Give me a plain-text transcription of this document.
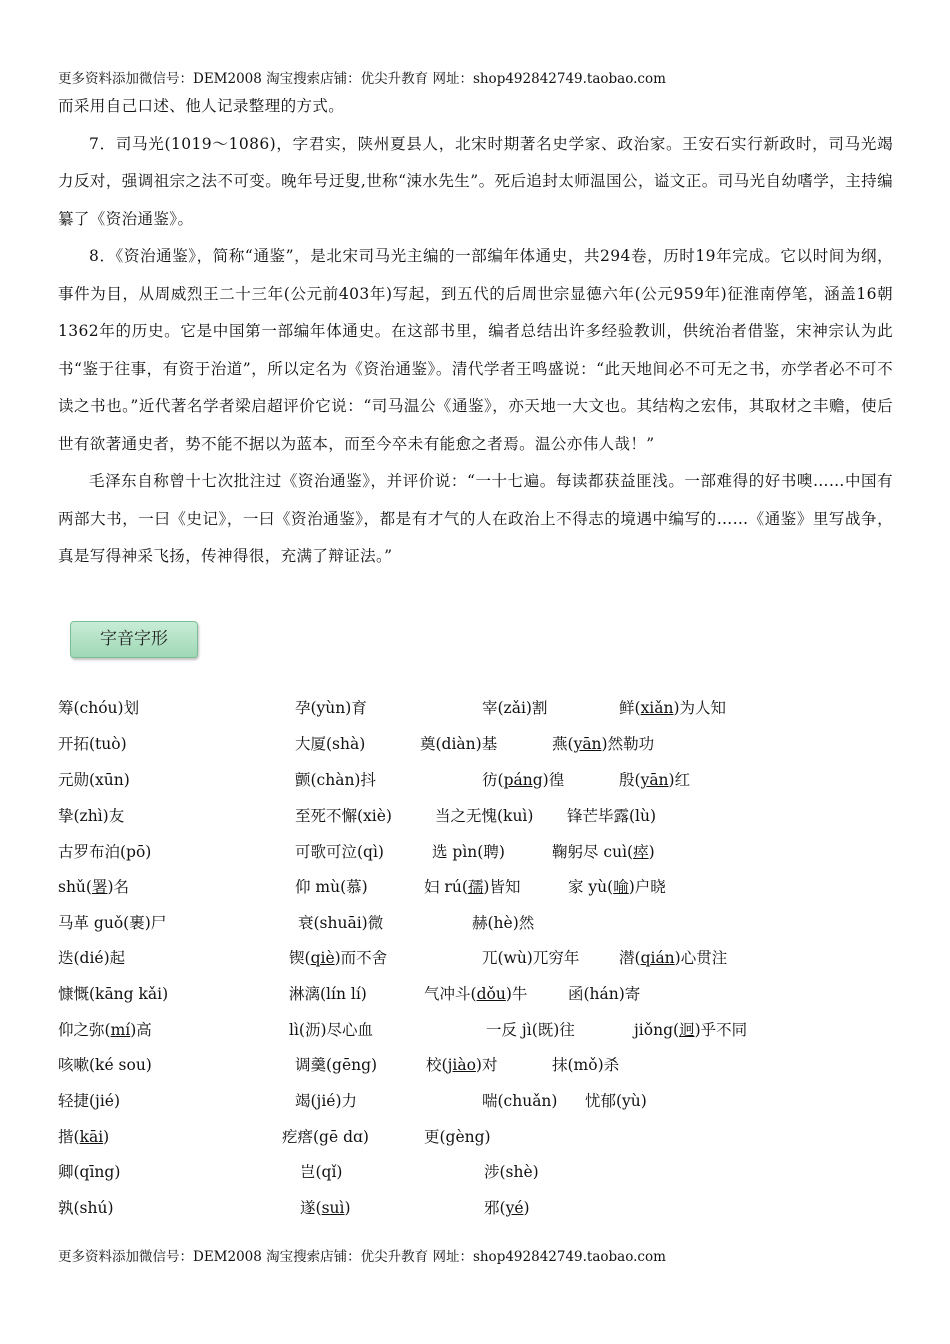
更多资料添加微信号：DEM2008 淘宝搜索店铺：优尖升教育 网址：shop492842749.taobao.com

而采用自己口述、他人记录整理的方式。

7．司马光(1019～1086)，字君实，陕州夏县人，北宋时期著名史学家、政治家。王安石实行新政时，司马光竭力反对，强调祖宗之法不可变。晚年号迂叟,世称“涑水先生”。死后追封太师温国公，谥文正。司马光自幼嗜学，主持编纂了《资治通鉴》。

8．《资治通鉴》，简称“通鉴”，是北宋司马光主编的一部编年体通史，共294卷，历时19年完成。它以时间为纲，事件为目，从周威烈王二十三年(公元前403年)写起，到五代的后周世宗显德六年(公元959年)征淮南停笔，涵盖16朝1362年的历史。它是中国第一部编年体通史。在这部书里，编者总结出许多经验教训，供统治者借鉴，宋神宗认为此书“鉴于往事，有资于治道”，所以定名为《资治通鉴》。清代学者王鸣盛说：“此天地间必不可无之书，亦学者必不可不读之书也。”近代著名学者梁启超评价它说：“司马温公《通鉴》，亦天地一大文也。其结构之宏伟，其取材之丰赡，使后世有欲著通史者，势不能不据以为蓝本，而至今卒未有能愈之者焉。温公亦伟人哉！”

毛泽东自称曾十七次批注过《资治通鉴》，并评价说：“一十七遍。每读都获益匪浅。一部难得的好书噢……中国有两部大书，一曰《史记》，一曰《资治通鉴》，都是有才气的人在政治上不得志的境遇中编写的……《通鉴》里写战争，真是写得神采飞扬，传神得很，充满了辩证法。”

字音字形
筹(chóu)划	孕(yùn)育	宰(zǎi)割	鲜(xiǎn)为人知
开拓(tuò)	大厦(shà)	奠(diàn)基	燕(yān)然勒功
元勋(xūn)	颤(chàn)抖	彷(páng)徨	殷(yān)红
挚(zhì)友	至死不懈(xiè)	当之无愧(kuì) 锋芒毕露(lù)
古罗布泊(pō)	可歌可泣(qì)	选 pìn(聘)	鞠躬尽 cuì(瘁)
shǔ(署)名	仰 mù(慕)	妇 rú(孺)皆知	家 yù(喻)户晓
马革 guǒ(裹)尸	衰(shuāi)微	赫(hè)然
迭(dié)起	锲(qiè)而不舍	兀(wù)兀穷年	潜(qián)心贯注
慷慨(kāng kǎi)	淋漓(lín lí)	气冲斗(dǒu)牛	函(hán)寄
仰之弥(mí)高	lì(沥)尽心血	一反 jì(既)往	jiǒng(迥)乎不同
咳嗽(ké sou)	调羹(gēng)	校(jiào)对	抹(mǒ)杀
轻捷(jié)	竭(jié)力	喘(chuǎn) 忧郁(yù)
揩(kāi)	疙瘩(gē dɑ)	更(gèng)
卿(qīng)	岂(qǐ)	涉(shè)
孰(shú)	遂(suì)	邪(yé)
更多资料添加微信号：DEM2008 淘宝搜索店铺：优尖升教育 网址：shop492842749.taobao.com
